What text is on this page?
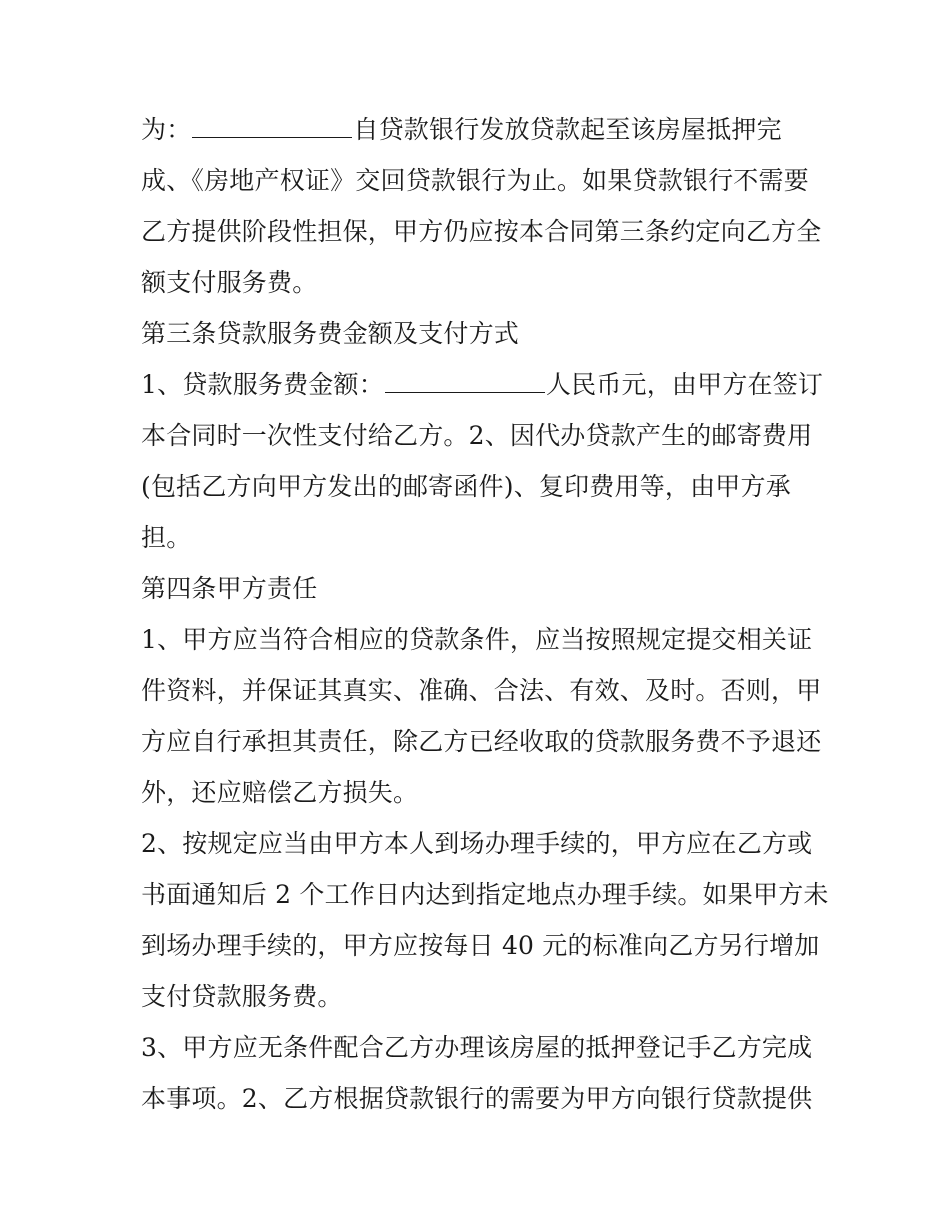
为：	自贷款银行发放贷款起至该房屋抵押完
成、《房地产权证》交回贷款银行为止。如果贷款银行不需要
乙方提供阶段性担保，甲方仍应按本合同第三条约定向乙方全
额支付服务费。
第三条贷款服务费金额及支付方式
1、贷款服务费金额：	人民币元，由甲方在签订
本合同时一次性支付给乙方。2、因代办贷款产生的邮寄费用
(包括乙方向甲方发出的邮寄函件)、复印费用等，由甲方承
担。
第四条甲方责任
1、甲方应当符合相应的贷款条件，应当按照规定提交相关证
件资料，并保证其真实、准确、合法、有效、及时。否则，甲
方应自行承担其责任，除乙方已经收取的贷款服务费不予退还
外，还应赔偿乙方损失。
2、按规定应当由甲方本人到场办理手续的，甲方应在乙方或
书面通知后 2 个工作日内达到指定地点办理手续。如果甲方未
到场办理手续的，甲方应按每日 40 元的标准向乙方另行增加
支付贷款服务费。
3、甲方应无条件配合乙方办理该房屋的抵押登记手乙方完成
本事项。2、乙方根据贷款银行的需要为甲方向银行贷款提供
